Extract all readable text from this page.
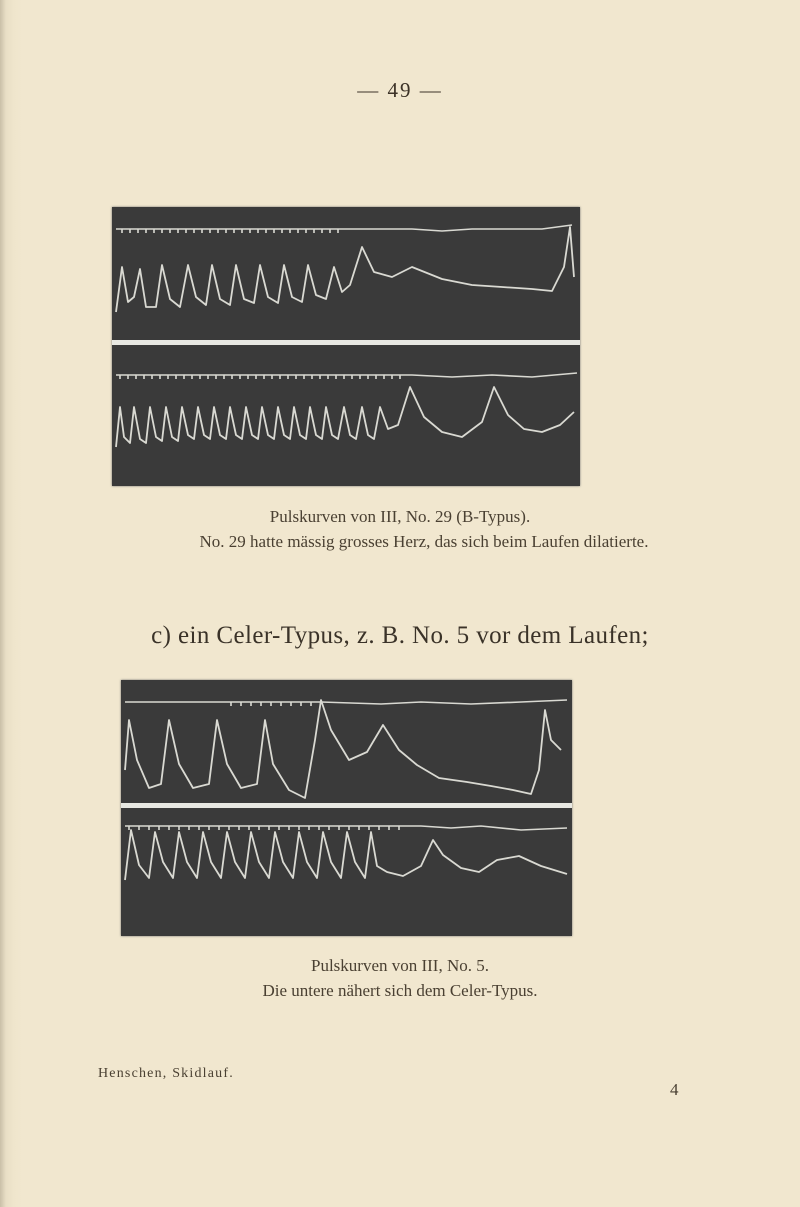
— 49 —
Pulskurven von III, No. 29 (B-Typus).
No. 29 hatte mässig grosses Herz, das sich beim Laufen dilatierte.
c) ein Celer-Typus, z. B. No. 5 vor dem Laufen;
Pulskurven von III, No. 5.
Die untere nähert sich dem Celer-Typus.
Henschen, Skidlauf.
4
